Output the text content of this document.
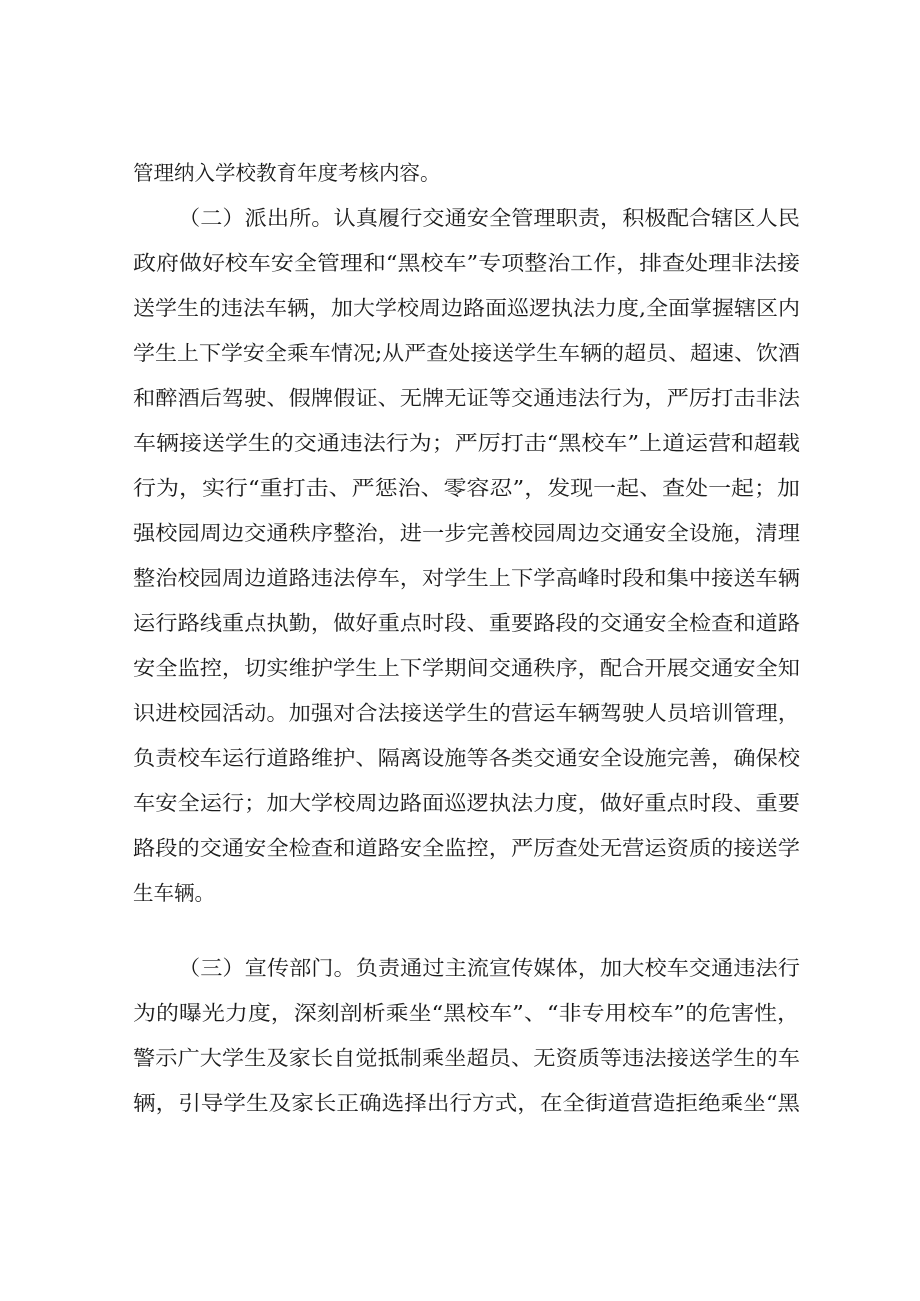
管理纳入学校教育年度考核内容。

（二）派出所。认真履行交通安全管理职责，积极配合辖区人民

政府做好校车安全管理和“黑校车”专项整治工作，排查处理非法接

送学生的违法车辆，加大学校周边路面巡逻执法力度,全面掌握辖区内

学生上下学安全乘车情况;从严查处接送学生车辆的超员、超速、饮酒

和醉酒后驾驶、假牌假证、无牌无证等交通违法行为，严厉打击非法

车辆接送学生的交通违法行为；严厉打击“黑校车”上道运营和超载

行为，实行“重打击、严惩治、零容忍”，发现一起、查处一起；加

强校园周边交通秩序整治，进一步完善校园周边交通安全设施，清理

整治校园周边道路违法停车，对学生上下学高峰时段和集中接送车辆

运行路线重点执勤，做好重点时段、重要路段的交通安全检查和道路

安全监控，切实维护学生上下学期间交通秩序，配合开展交通安全知

识进校园活动。加强对合法接送学生的营运车辆驾驶人员培训管理，

负责校车运行道路维护、隔离设施等各类交通安全设施完善，确保校

车安全运行；加大学校周边路面巡逻执法力度，做好重点时段、重要

路段的交通安全检查和道路安全监控，严厉查处无营运资质的接送学

生车辆。

（三）宣传部门。负责通过主流宣传媒体，加大校车交通违法行

为的曝光力度，深刻剖析乘坐“黑校车”、“非专用校车”的危害性，

警示广大学生及家长自觉抵制乘坐超员、无资质等违法接送学生的车

辆，引导学生及家长正确选择出行方式，在全街道营造拒绝乘坐“黑
